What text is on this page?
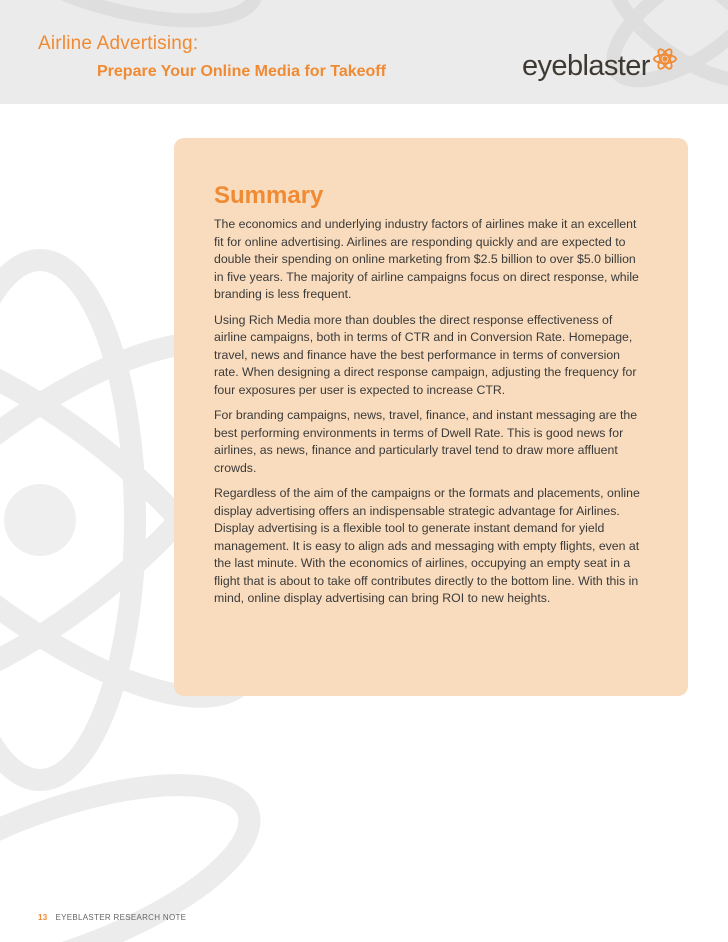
Airline Advertising:
Prepare Your Online Media for Takeoff	eyeblaster
Summary

The economics and underlying industry factors of airlines make it an excellent fit for online advertising. Airlines are responding quickly and are expected to double their spending on online marketing from $2.5 billion to over $5.0 billion in five years. The majority of airline campaigns focus on direct response, while branding is less frequent.

Using Rich Media more than doubles the direct response effectiveness of airline campaigns, both in terms of CTR and in Conversion Rate. Homepage, travel, news and finance have the best performance in terms of conversion rate. When designing a direct response campaign, adjusting the frequency for four exposures per user is expected to increase CTR.

For branding campaigns, news, travel, finance, and instant messaging are the best performing environments in terms of Dwell Rate. This is good news for airlines, as news, finance and particularly travel tend to draw more affluent crowds.

Regardless of the aim of the campaigns or the formats and placements, online display advertising offers an indispensable strategic advantage for Airlines. Display advertising is a flexible tool to generate instant demand for yield management. It is easy to align ads and messaging with empty flights, even at the last minute. With the economics of airlines, occupying an empty seat in a flight that is about to take off contributes directly to the bottom line. With this in mind, online display advertising can bring ROI to new heights.

13 EYEBLASTER RESEARCH NOTE
